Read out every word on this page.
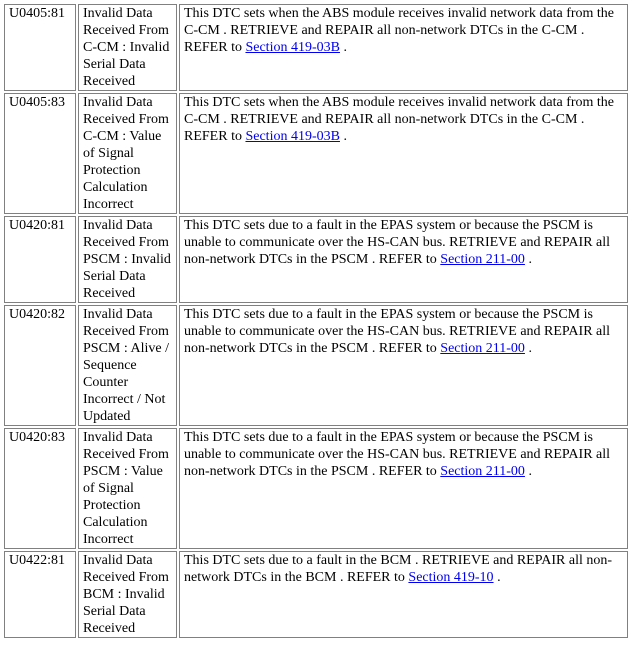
U0405:81	Invalid Data Received From C-CM : Invalid Serial Data Received	This DTC sets when the ABS module receives invalid network data from the C-CM . RETRIEVE and REPAIR all non-network DTCs in the C-CM . REFER to Section 419-03B .
U0405:83	Invalid Data Received From C-CM : Value of Signal Protection Calculation Incorrect	This DTC sets when the ABS module receives invalid network data from the C-CM . RETRIEVE and REPAIR all non-network DTCs in the C-CM . REFER to Section 419-03B .
U0420:81	Invalid Data Received From PSCM : Invalid Serial Data Received	This DTC sets due to a fault in the EPAS system or because the PSCM is unable to communicate over the HS-CAN bus. RETRIEVE and REPAIR all non-network DTCs in the PSCM . REFER to Section 211-00 .
U0420:82	Invalid Data Received From PSCM : Alive / Sequence Counter Incorrect / Not Updated	This DTC sets due to a fault in the EPAS system or because the PSCM is unable to communicate over the HS-CAN bus. RETRIEVE and REPAIR all non-network DTCs in the PSCM . REFER to Section 211-00 .
U0420:83	Invalid Data Received From PSCM : Value of Signal Protection Calculation Incorrect	This DTC sets due to a fault in the EPAS system or because the PSCM is unable to communicate over the HS-CAN bus. RETRIEVE and REPAIR all non-network DTCs in the PSCM . REFER to Section 211-00 .
U0422:81	Invalid Data Received From BCM : Invalid Serial Data Received	This DTC sets due to a fault in the BCM . RETRIEVE and REPAIR all non-network DTCs in the BCM . REFER to Section 419-10 .
